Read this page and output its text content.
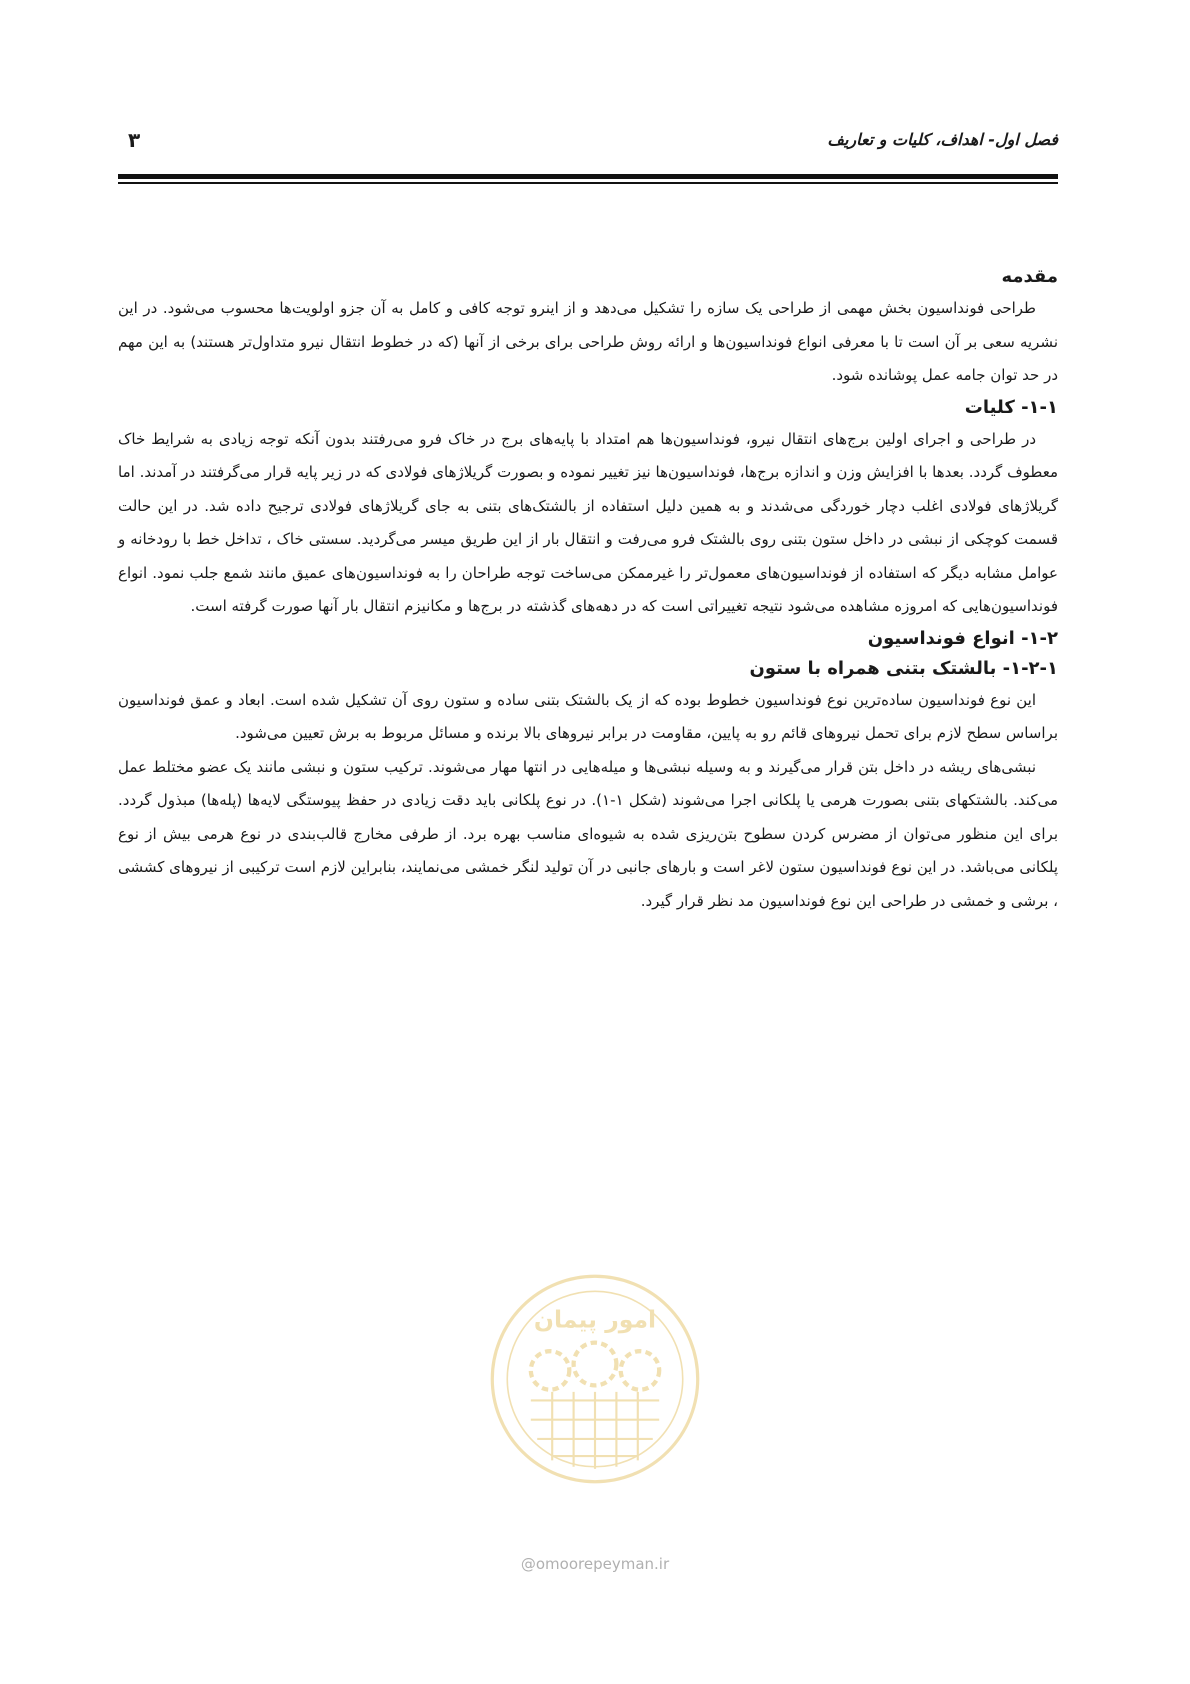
فصل اول- اهداف، کلیات و تعاریف
۳
مقدمه

طراحی فونداسیون بخش مهمی از طراحی یک سازه را تشکیل می‌دهد و از اینرو توجه کافی و کامل به آن جزو اولویت‌ها محسوب می‌شود. در این نشریه سعی بر آن است تا با معرفی انواع فونداسیون‌ها و ارائه روش طراحی برای برخی از آنها (که در خطوط انتقال نیرو متداول‌تر هستند) به این مهم در حد توان جامه عمل پوشانده شود.

۱-۱- کلیات

در طراحی و اجرای اولین برج‌های انتقال نیرو، فونداسیون‌ها هم امتداد با پایه‌های برج در خاک فرو می‌رفتند بدون آنکه توجه زیادی به شرایط خاک معطوف گردد. بعدها با افزایش وزن و اندازه برج‌ها، فونداسیون‌ها نیز تغییر نموده و بصورت گریلاژهای فولادی که در زیر پایه قرار می‌گرفتند در آمدند. اما گریلاژهای فولادی اغلب دچار خوردگی می‌شدند و به همین دلیل استفاده از بالشتک‌های بتنی به جای گریلاژهای فولادی ترجیح داده شد. در این حالت قسمت کوچکی از نبشی در داخل ستون بتنی روی بالشتک فرو می‌رفت و انتقال بار از این طریق میسر می‌گردید. سستی خاک ، تداخل خط با رودخانه و عوامل مشابه دیگر که استفاده از فونداسیون‌های معمول‌تر را غیرممکن می‌ساخت توجه طراحان را به فونداسیون‌های عمیق مانند شمع جلب نمود. انواع فونداسیون‌هایی که امروزه مشاهده می‌شود نتیجه تغییراتی است که در دهه‌های گذشته در برج‌ها و مکانیزم انتقال بار آنها صورت گرفته است.

۱-۲- انواع فونداسیون
۱-۲-۱- بالشتک بتنی همراه با ستون

این نوع فونداسیون ساده‌ترین نوع فونداسیون خطوط بوده که از یک بالشتک بتنی ساده و ستون روی آن تشکیل شده است. ابعاد و عمق فونداسیون براساس سطح لازم برای تحمل نیروهای قائم رو به پایین، مقاومت در برابر نیروهای بالا برنده و مسائل مربوط به برش تعیین می‌شود.

نبشی‌های ریشه در داخل بتن قرار می‌گیرند و به وسیله نبشی‌ها و میله‌هایی در انتها مهار می‌شوند. ترکیب ستون و نبشی مانند یک عضو مختلط عمل می‌کند. بالشتکهای بتنی بصورت هرمی یا پلکانی اجرا می‌شوند (شکل ۱-۱). در نوع پلکانی باید دقت زیادی در حفظ پیوستگی لایه‌ها (پله‌ها) مبذول گردد. برای این منظور می‌توان از مضرس کردن سطوح بتن‌ریزی شده به شیوه‌ای مناسب بهره برد. از طرفی مخارج قالب‌بندی در نوع هرمی بیش از نوع پلکانی می‌باشد. در این نوع فونداسیون ستون لاغر است و بارهای جانبی در آن تولید لنگر خمشی می‌نمایند، بنابراین لازم است ترکیبی از نیروهای کششی ، برشی و خمشی در طراحی این نوع فونداسیون مد نظر قرار گیرد.

امور پیمان
@omoorepeyman.ir
